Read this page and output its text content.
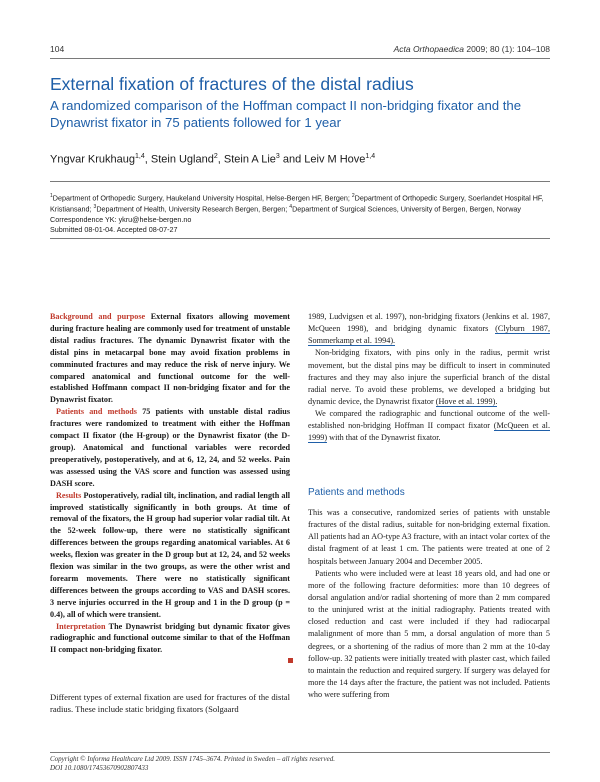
104	Acta Orthopaedica 2009; 80 (1): 104–108
External fixation of fractures of the distal radius
A randomized comparison of the Hoffman compact II non-bridging fixator and the Dynawrist fixator in 75 patients followed for 1 year
Yngvar Krukhaug$^{1,4}$, Stein Ugland$^2$, Stein A Lie$^3$ and Leiv M Hove$^{1,4}$
$^1$Department of Orthopedic Surgery, Haukeland University Hospital, Helse-Bergen HF, Bergen; $^2$Department of Orthopedic Surgery, Soerlandet Hospital HF, Kristiansand; $^3$Department of Health, University Research Bergen, Bergen; $^4$Department of Surgical Sciences, University of Bergen, Bergen, Norway
Correspondence YK: ykru@helse-bergen.no
Submitted 08-01-04. Accepted 08-07-27

Background and purpose External fixators allowing movement during fracture healing are commonly used for treatment of unstable distal radius fractures. The dynamic Dynawrist fixator with the distal pins in metacarpal bone may avoid fixation problems in comminuted fractures and may reduce the risk of nerve injury. We compared anatomical and functional outcome for the well-established Hoffmann compact II non-bridging fixator and for the Dynawrist fixator.

Patients and methods 75 patients with unstable distal radius fractures were randomized to treatment with either the Hoffman compact II fixator (the H-group) or the Dynawrist fixator (the D-group). Anatomical and functional variables were recorded preoperatively, postoperatively, and at 6, 12, 24, and 52 weeks. Pain was assessed using the VAS score and function was assessed using DASH score.

Results Postoperatively, radial tilt, inclination, and radial length all improved statistically significantly in both groups. At time of removal of the fixators, the H group had superior volar radial tilt. At the 52-week follow-up, there were no statistically significant differences between the groups regarding anatomical variables. At 6 weeks, flexion was greater in the D group but at 12, 24, and 52 weeks flexion was similar in the two groups, as were the other wrist and forearm movements. There were no statistically significant differences between the groups according to VAS and DASH scores. 3 nerve injuries occurred in the H group and 1 in the D group (p = 0.4), all of which were transient.

Interpretation The Dynawrist bridging but dynamic fixator gives radiographic and functional outcome similar to that of the Hoffman II compact non-bridging fixator.

Different types of external fixation are used for fractures of the distal radius. These include static bridging fixators (Solgaard

1989, Ludvigsen et al. 1997), non-bridging fixators (Jenkins et al. 1987, McQueen 1998), and bridging dynamic fixators (Clyburn 1987, Sommerkamp et al. 1994).

Non-bridging fixators, with pins only in the radius, permit wrist movement, but the distal pins may be difficult to insert in comminuted fractures and they may also injure the superficial branch of the distal radial nerve. To avoid these problems, we developed a bridging but dynamic device, the Dynawrist fixator (Hove et al. 1999).

We compared the radiographic and functional outcome of the well-established non-bridging Hoffman II compact fixator (McQueen et al. 1999) with that of the Dynawrist fixator.

Patients and methods

This was a consecutive, randomized series of patients with unstable fractures of the distal radius, suitable for non-bridging external fixation. All patients had an AO-type A3 fracture, with an intact volar cortex of the distal fragment of at least 1 cm. The patients were treated at one of 2 hospitals between January 2004 and December 2005.

Patients who were included were at least 18 years old, and had one or more of the following fracture deformities: more than 10 degrees of dorsal angulation and/or radial shortening of more than 2 mm compared to the uninjured wrist at the initial radiography. Patients treated with closed reduction and cast were included if they had radiocarpal malalignment of more than 5 mm, a dorsal angulation of more than 5 degrees, or a shortening of the radius of more than 2 mm at the 10-day follow-up. 32 patients were initially treated with plaster cast, which failed to maintain the reduction and required surgery. If surgery was delayed for more the 14 days after the fracture, the patient was not included. Patients who were suffering from

Copyright © Informa Healthcare Ltd 2009. ISSN 1745–3674. Printed in Sweden – all rights reserved.
DOI 10.1080/17453670902807433
